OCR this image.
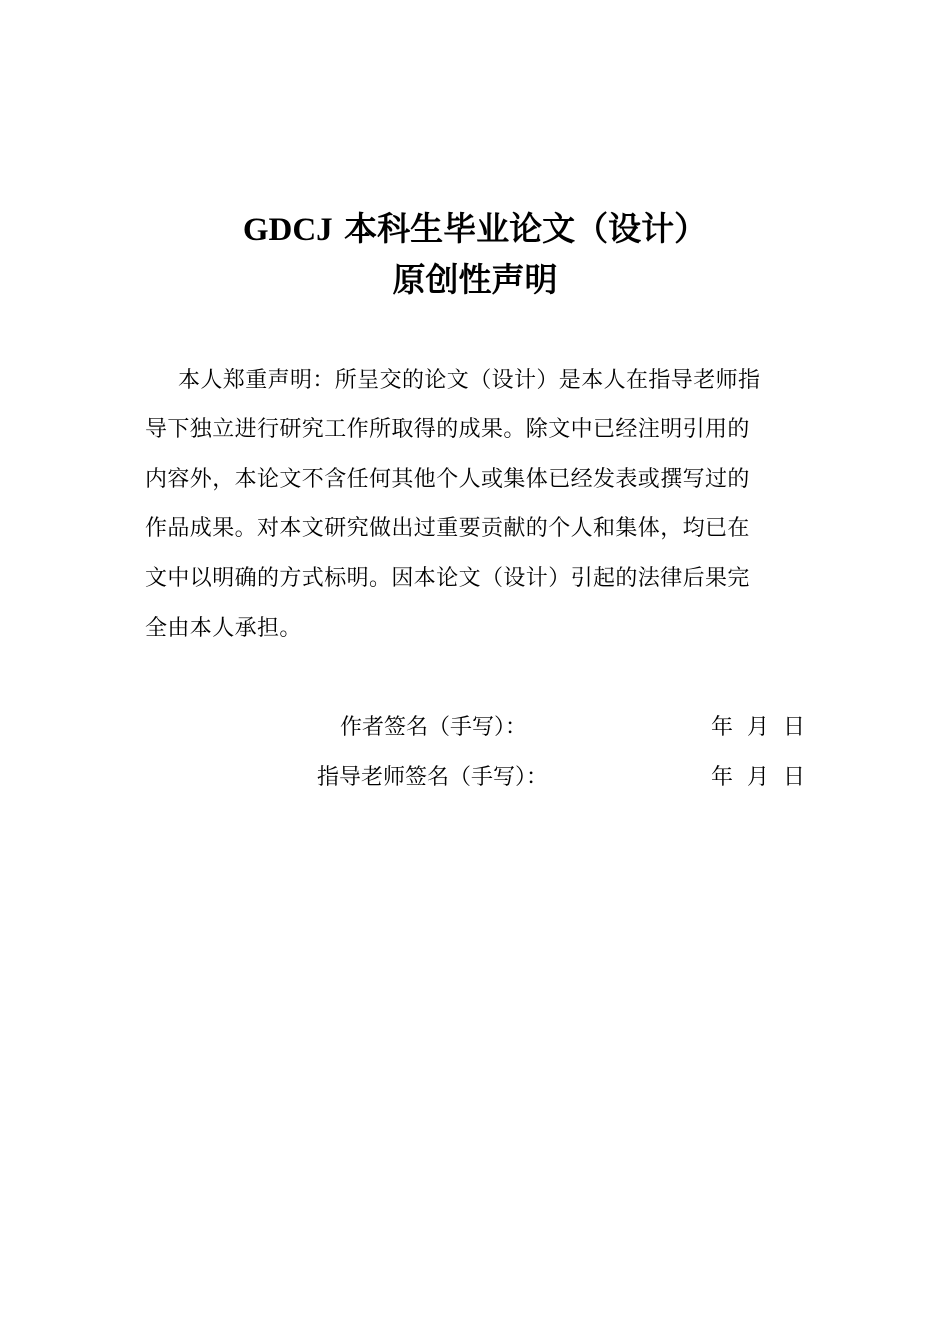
GDCJ 本科生毕业论文（设计）
原创性声明
本人郑重声明：所呈交的论文（设计）是本人在指导老师指
导下独立进行研究工作所取得的成果。除文中已经注明引用的
内容外，本论文不含任何其他个人或集体已经发表或撰写过的
作品成果。对本文研究做出过重要贡献的个人和集体，均已在
文中以明确的方式标明。因本论文（设计）引起的法律后果完
全由本人承担。
作者签名（手写）：	年 月 日
指导老师签名（手写）：	年 月 日
